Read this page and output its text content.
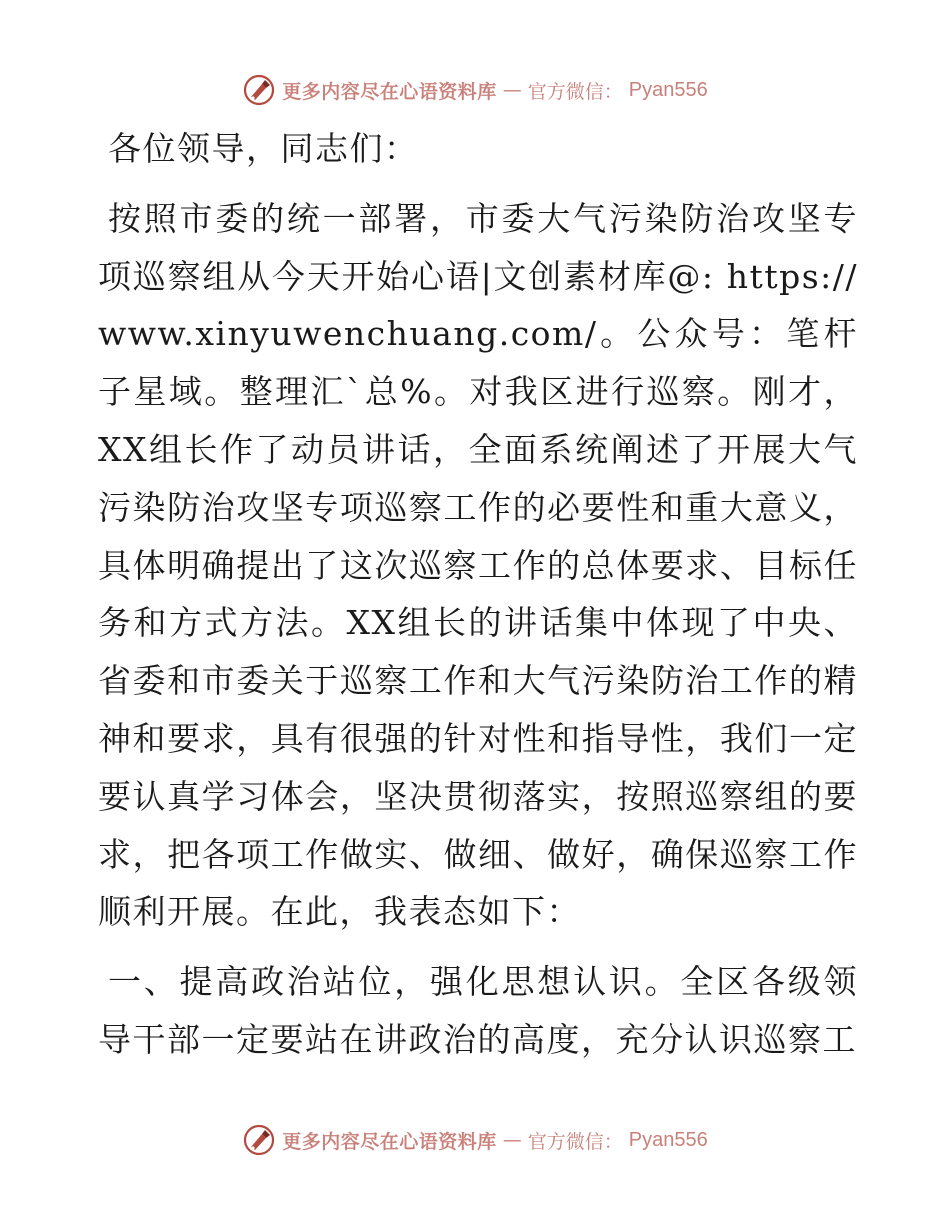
更多内容尽在心语资料库 — 官方微信： Pyan556

各位领导，同志们：

按照市委的统一部署，市委大气污染防治攻坚专项巡察组从今天开始心语|文创素材库@: https://www.xinyuwenchuang.com/。公众号：笔杆子星域。整理汇`总%。对我区进行巡察。刚才，XX组长作了动员讲话，全面系统阐述了开展大气污染防治攻坚专项巡察工作的必要性和重大意义，具体明确提出了这次巡察工作的总体要求、目标任务和方式方法。XX组长的讲话集中体现了中央、省委和市委关于巡察工作和大气污染防治工作的精神和要求，具有很强的针对性和指导性，我们一定要认真学习体会，坚决贯彻落实，按照巡察组的要求，把各项工作做实、做细、做好，确保巡察工作顺利开展。在此，我表态如下：

一、提高政治站位，强化思想认识。全区各级领导干部一定要站在讲政治的高度，充分认识巡察工

更多内容尽在心语资料库 — 官方微信： Pyan556
